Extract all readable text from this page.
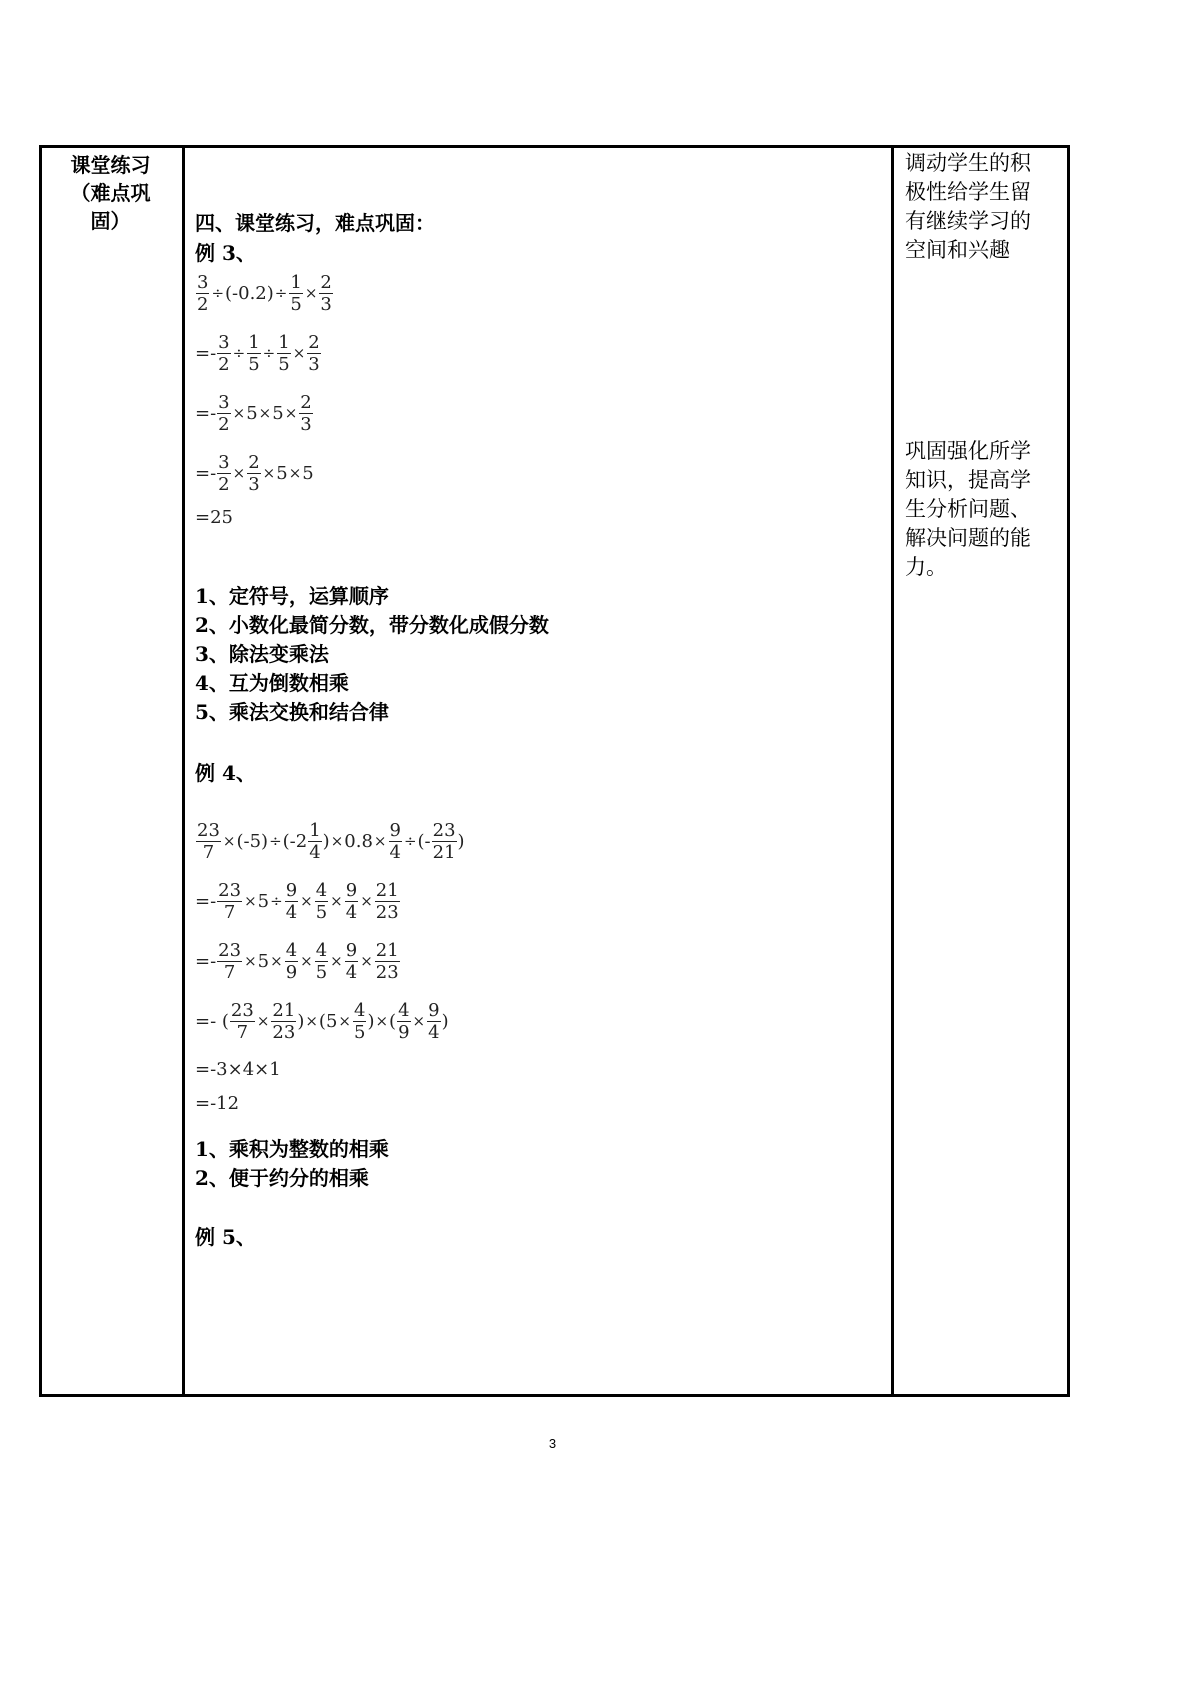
课堂练习
（难点巩
固）	四、课堂练习，难点巩固：
例 3、
$\frac{3}{2} \div (-0.2) \div \frac{1}{5} \times \frac{2}{3}$
=- $\frac{3}{2} \div \frac{1}{5} \div \frac{1}{5} \times \frac{2}{3}$
=- $\frac{3}{2} \times 5 \times 5 \times \frac{2}{3}$
=- $\frac{3}{2} \times \frac{2}{3} \times 5 \times 5$
=25
1、定符号，运算顺序
2、小数化最简分数，带分数化成假分数
3、除法变乘法
4、互为倒数相乘
5、乘法交换和结合律
例 4、
$\frac{23}{7} \times (-5) \div (-2 \frac{1}{4}$ ) × $0.8 \times \frac{9}{4}$ ÷ (- $\frac{23}{21}$ )
=- $\frac{23}{7} \times 5 \div \frac{9}{4} \times \frac{4}{5} \times \frac{9}{4} \times \frac{21}{23}$
=- $\frac{23}{7} \times 5 \times \frac{4}{9} \times \frac{4}{5} \times \frac{9}{4} \times \frac{21}{23}$
=- ( $\frac{23}{7} \times \frac{21}{23}$ ) × ($5 \times \frac{4}{5}$ ) × ( $\frac{4}{9} \times \frac{9}{4}$ )
=-3×4×1
=-12
1、乘积为整数的相乘
2、便于约分的相乘
例 5、
调动学生的积
极性给学生留
有继续学习的
空间和兴趣
巩固强化所学
知识，提高学
生分析问题、
解决问题的能
力。
3
